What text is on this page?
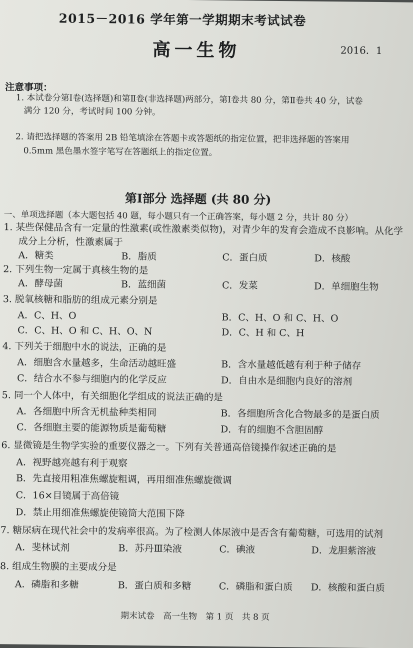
2015－2016 学年第一学期期末考试试卷
高一生物	2016．1
注意事项：
1. 本试卷分第Ⅰ卷(选择题)和第Ⅱ卷(非选择题)两部分，第Ⅰ卷共 80 分，第Ⅱ卷共 40 分，试卷
满分 120 分，考试时间 100 分钟。
2. 请把选择题的答案用 2B 铅笔填涂在答题卡或答题纸的指定位置，把非选择题的答案用
0.5mm 黑色墨水签字笔写在答题纸上的指定位置。
第Ⅰ部分 选择题 (共 80 分)
一、单项选择题（本大题包括 40 题，每小题只有一个正确答案，每小题 2 分，共计 80 分）
1. 某些保健品含有一定量的性激素(或性激素类似物)，对青少年的发育会造成不良影响。从化学
成分上分析，性激素属于
A．糖类	B．脂质	C．蛋白质	D．核酸
2. 下列生物一定属于真核生物的是
A．酵母菌	B．蓝细菌	C．发菜	D．单细胞生物
3. 脱氧核糖和脂肪的组成元素分别是
A．C、H、O	B．C、H、O 和 C、H、O
C．C、H、O 和 C、H、O、N	D．C、H 和 C、H
4. 下列关于细胞中水的说法，正确的是
A．细胞含水量越多，生命活动越旺盛	B．含水量越低越有利于种子储存
C．结合水不参与细胞内的化学反应	D．自由水是细胞内良好的溶剂
5. 同一个人体中，有关细胞化学组成的说法正确的是
A．各细胞中所含无机盐种类相同	B．各细胞所含化合物最多的是蛋白质
C．各细胞主要的能源物质是葡萄糖	D．有的细胞不含胆固醇
6. 显微镜是生物学实验的重要仪器之一。下列有关普通高倍镜操作叙述正确的是
A．视野越亮越有利于观察
B．先直接用粗准焦螺旋粗调，再用细准焦螺旋微调
C．16×目镜属于高倍镜
D．禁止用细准焦螺旋使镜筒大范围下降
7. 糖尿病在现代社会中的发病率很高。为了检测人体尿液中是否含有葡萄糖，可选用的试剂
A．斐林试剂	B．苏丹Ⅲ染液	C．碘液	D．龙胆紫溶液
8. 组成生物膜的主要成分是
A．磷脂和多糖	B．蛋白质和多糖	C．磷脂和蛋白质 D．核酸和蛋白质
期末试卷　高一生物　第 1 页　共 8 页
